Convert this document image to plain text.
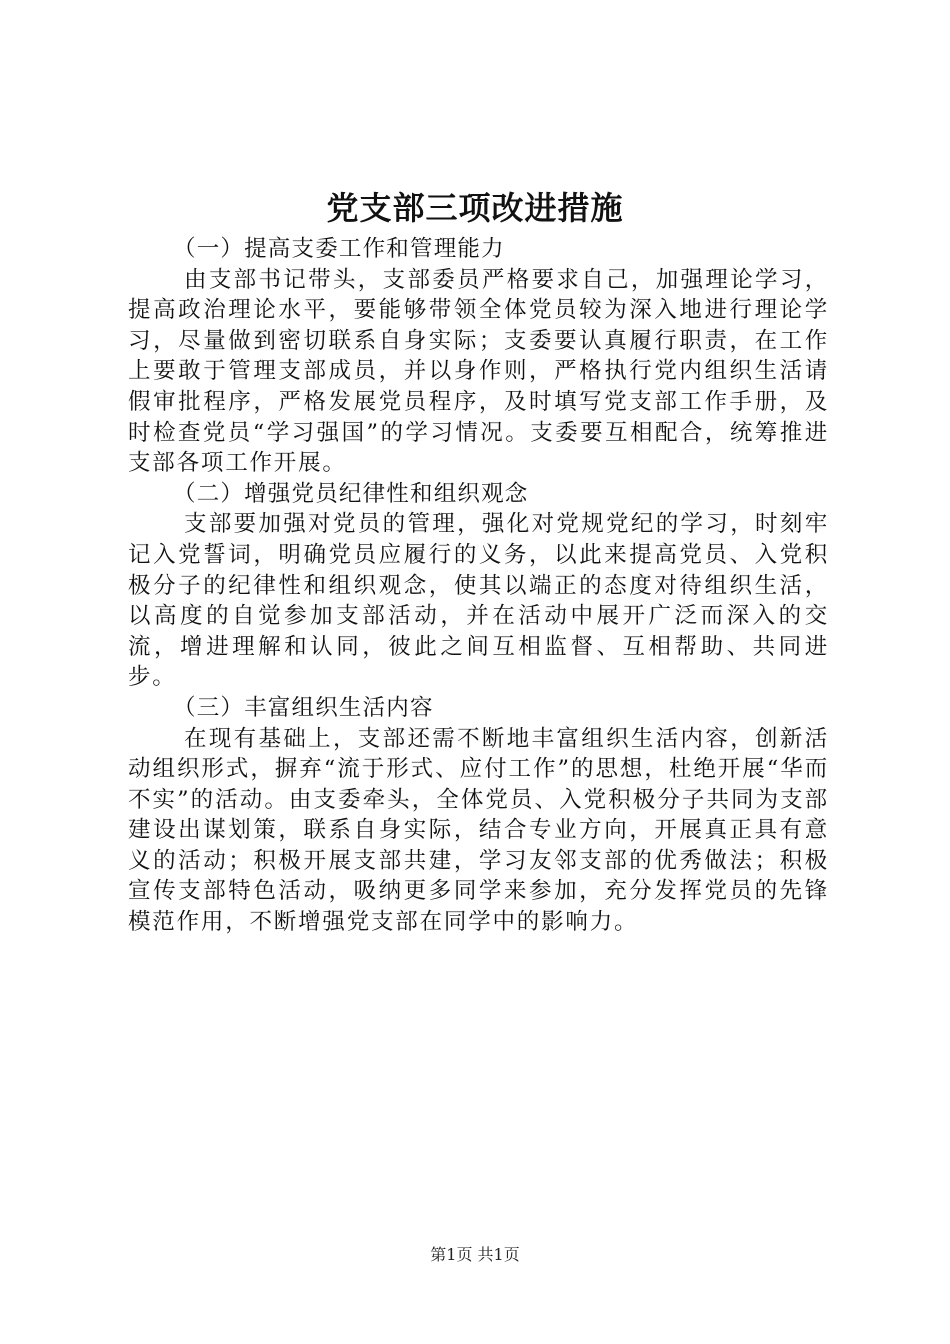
党支部三项改进措施

（一）提高支委工作和管理能力

由支部书记带头，支部委员严格要求自己，加强理论学习，提高政治理论水平，要能够带领全体党员较为深入地进行理论学习，尽量做到密切联系自身实际；支委要认真履行职责，在工作上要敢于管理支部成员，并以身作则，严格执行党内组织生活请假审批程序，严格发展党员程序，及时填写党支部工作手册，及时检查党员“学习强国”的学习情况。支委要互相配合，统筹推进支部各项工作开展。

（二）增强党员纪律性和组织观念

支部要加强对党员的管理，强化对党规党纪的学习，时刻牢记入党誓词，明确党员应履行的义务，以此来提高党员、入党积极分子的纪律性和组织观念，使其以端正的态度对待组织生活，以高度的自觉参加支部活动，并在活动中展开广泛而深入的交流，增进理解和认同，彼此之间互相监督、互相帮助、共同进步。

（三）丰富组织生活内容

在现有基础上，支部还需不断地丰富组织生活内容，创新活动组织形式，摒弃“流于形式、应付工作”的思想，杜绝开展“华而不实”的活动。由支委牵头，全体党员、入党积极分子共同为支部建设出谋划策，联系自身实际，结合专业方向，开展真正具有意义的活动；积极开展支部共建，学习友邻支部的优秀做法；积极宣传支部特色活动，吸纳更多同学来参加，充分发挥党员的先锋模范作用，不断增强党支部在同学中的影响力。

第1页 共1页
